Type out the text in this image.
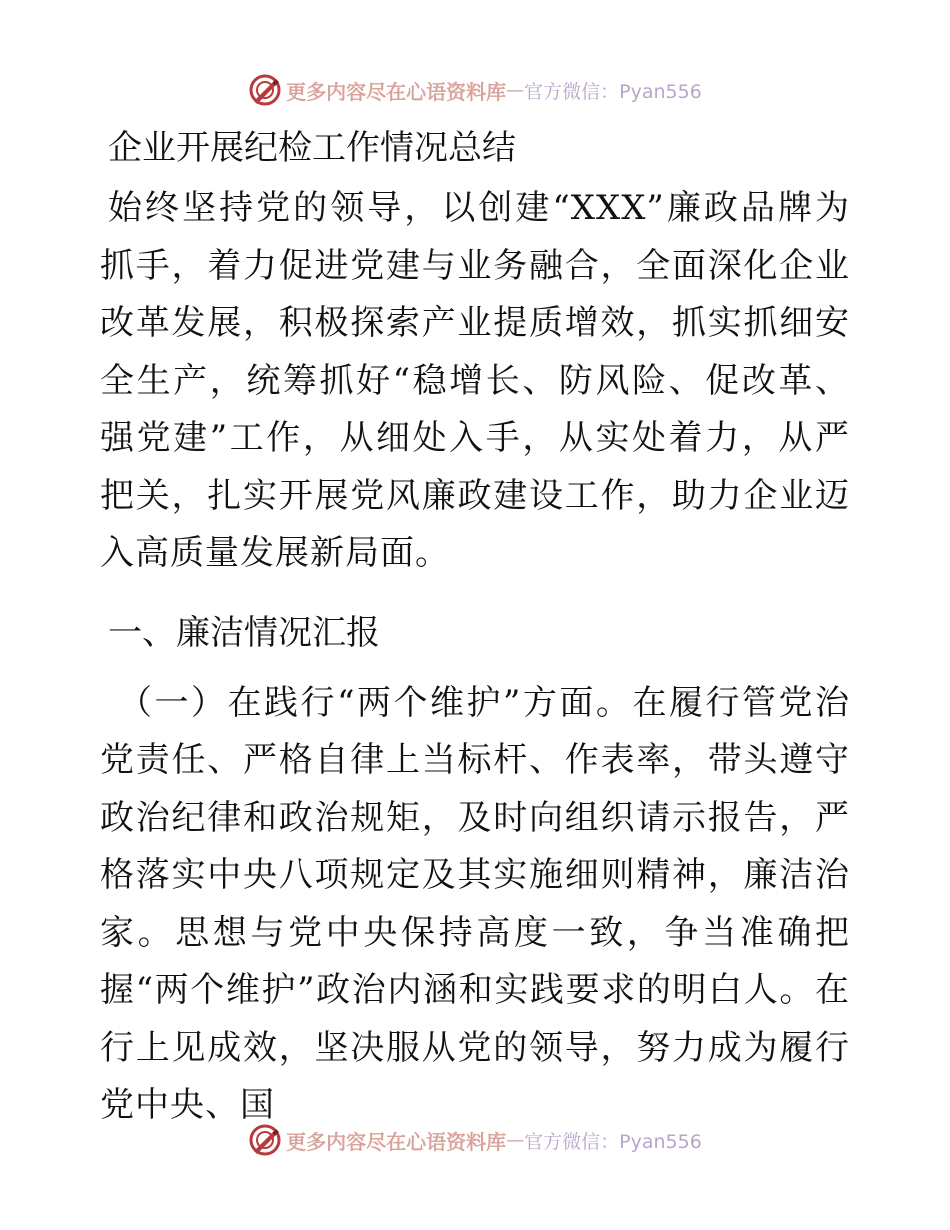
更多内容尽在心语资料库 — 官方微信：Pyan556
企业开展纪检工作情况总结

始终坚持党的领导，以创建“XXX”廉政品牌为抓手，着力促进党建与业务融合，全面深化企业改革发展，积极探索产业提质增效，抓实抓细安全生产，统筹抓好“稳增长、防风险、促改革、强党建”工作，从细处入手，从实处着力，从严把关，扎实开展党风廉政建设工作，助力企业迈入高质量发展新局面。

一、廉洁情况汇报

（一）在践行“两个维护”方面。在履行管党治党责任、严格自律上当标杆、作表率，带头遵守政治纪律和政治规矩，及时向组织请示报告，严格落实中央八项规定及其实施细则精神，廉洁治家。思想与党中央保持高度一致，争当准确把握“两个维护”政治内涵和实践要求的明白人。在行上见成效，坚决服从党的领导，努力成为履行党中央、国

更多内容尽在心语资料库 — 官方微信：Pyan556
